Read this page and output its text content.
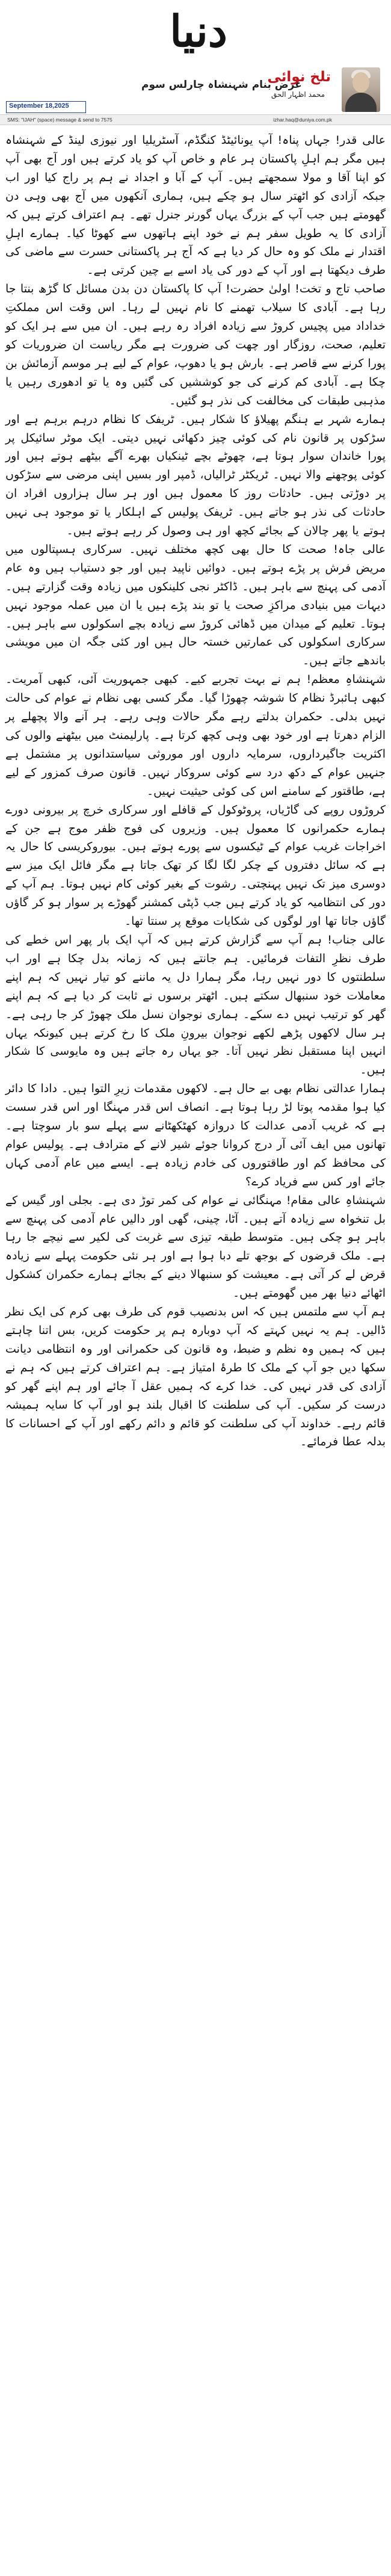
دنیا
تلخ نوائی
محمد اظہار الحق
عرض بنام شہنشاہ چارلس سوم
September 18,2025
SMS: "IJAH" (space) message & send to 7575	izhar.haq@duniya.com.pk

عالی قدر! جہاں پناہ! آپ یونائیٹڈ کنگڈم، آسٹریلیا اور نیوزی لینڈ کے شہنشاہ ہیں مگر ہم اہلِ پاکستان ہر عام و خاص آپ کو یاد کرتے ہیں اور آج بھی آپ کو اپنا آقا و مولا سمجھتے ہیں۔ آپ کے آبا و اجداد نے ہم پر راج کیا اور اب جبکہ آزادی کو اٹھتر سال ہو چکے ہیں، ہماری آنکھوں میں آج بھی وہی دن گھومتے ہیں جب آپ کے بزرگ یہاں گورنر جنرل تھے۔ ہم اعتراف کرتے ہیں کہ آزادی کا یہ طویل سفر ہم نے خود اپنے ہاتھوں سے کھوٹا کیا۔ ہمارے اہلِ اقتدار نے ملک کو وہ حال کر دیا ہے کہ آج ہر پاکستانی حسرت سے ماضی کی طرف دیکھتا ہے اور آپ کے دور کی یاد اسے بے چین کرتی ہے۔

صاحب تاج و تخت! اولیٰ حضرت! آپ کا پاکستان دن بدن مسائل کا گڑھ بنتا جا رہا ہے۔ آبادی کا سیلاب تھمنے کا نام نہیں لے رہا۔ اس وقت اس مملکتِ خداداد میں پچیس کروڑ سے زیادہ افراد رہ رہے ہیں۔ ان میں سے ہر ایک کو تعلیم، صحت، روزگار اور چھت کی ضرورت ہے مگر ریاست ان ضروریات کو پورا کرنے سے قاصر ہے۔ بارش ہو یا دھوپ، عوام کے لیے ہر موسم آزمائش بن چکا ہے۔ آبادی کم کرنے کی جو کوششیں کی گئیں وہ یا تو ادھوری رہیں یا مذہبی طبقات کی مخالفت کی نذر ہو گئیں۔

ہمارے شہر بے ہنگم پھیلاؤ کا شکار ہیں۔ ٹریفک کا نظام درہم برہم ہے اور سڑکوں پر قانون نام کی کوئی چیز دکھائی نہیں دیتی۔ ایک موٹر سائیکل پر پورا خاندان سوار ہوتا ہے، چھوٹے بچے ٹینکیاں بھرے آگے بیٹھے ہوتے ہیں اور کوئی پوچھنے والا نہیں۔ ٹریکٹر ٹرالیاں، ڈمپر اور بسیں اپنی مرضی سے سڑکوں پر دوڑتی ہیں۔ حادثات روز کا معمول ہیں اور ہر سال ہزاروں افراد ان حادثات کی نذر ہو جاتے ہیں۔ ٹریفک پولیس کے اہلکار یا تو موجود ہی نہیں ہوتے یا پھر چالان کے بجائے کچھ اور ہی وصول کر رہے ہوتے ہیں۔

عالی جاہ! صحت کا حال بھی کچھ مختلف نہیں۔ سرکاری ہسپتالوں میں مریض فرش پر پڑے ہوتے ہیں۔ دوائیں ناپید ہیں اور جو دستیاب ہیں وہ عام آدمی کی پہنچ سے باہر ہیں۔ ڈاکٹر نجی کلینکوں میں زیادہ وقت گزارتے ہیں۔ دیہات میں بنیادی مراکزِ صحت یا تو بند پڑے ہیں یا ان میں عملہ موجود نہیں ہوتا۔ تعلیم کے میدان میں ڈھائی کروڑ سے زیادہ بچے اسکولوں سے باہر ہیں۔ سرکاری اسکولوں کی عمارتیں خستہ حال ہیں اور کئی جگہ ان میں مویشی باندھے جاتے ہیں۔

شہنشاہِ معظم! ہم نے بہت تجربے کیے۔ کبھی جمہوریت آئی، کبھی آمریت۔ کبھی ہائبرڈ نظام کا شوشہ چھوڑا گیا۔ مگر کسی بھی نظام نے عوام کی حالت نہیں بدلی۔ حکمران بدلتے رہے مگر حالات وہی رہے۔ ہر آنے والا پچھلے پر الزام دھرتا ہے اور خود بھی وہی کچھ کرتا ہے۔ پارلیمنٹ میں بیٹھنے والوں کی اکثریت جاگیرداروں، سرمایہ داروں اور موروثی سیاستدانوں پر مشتمل ہے جنہیں عوام کے دکھ درد سے کوئی سروکار نہیں۔ قانون صرف کمزور کے لیے ہے، طاقتور کے سامنے اس کی کوئی حیثیت نہیں۔

کروڑوں روپے کی گاڑیاں، پروٹوکول کے قافلے اور سرکاری خرچ پر بیرونی دورے ہمارے حکمرانوں کا معمول ہیں۔ وزیروں کی فوج ظفر موج ہے جن کے اخراجات غریب عوام کے ٹیکسوں سے پورے ہوتے ہیں۔ بیوروکریسی کا حال یہ ہے کہ سائل دفتروں کے چکر لگا لگا کر تھک جاتا ہے مگر فائل ایک میز سے دوسری میز تک نہیں پہنچتی۔ رشوت کے بغیر کوئی کام نہیں ہوتا۔ ہم آپ کے دور کی انتظامیہ کو یاد کرتے ہیں جب ڈپٹی کمشنر گھوڑے پر سوار ہو کر گاؤں گاؤں جاتا تھا اور لوگوں کی شکایات موقع پر سنتا تھا۔

عالی جناب! ہم آپ سے گزارش کرتے ہیں کہ آپ ایک بار پھر اس خطے کی طرف نظرِ التفات فرمائیں۔ ہم جانتے ہیں کہ زمانہ بدل چکا ہے اور اب سلطنتوں کا دور نہیں رہا، مگر ہمارا دل یہ ماننے کو تیار نہیں کہ ہم اپنے معاملات خود سنبھال سکتے ہیں۔ اٹھتر برسوں نے ثابت کر دیا ہے کہ ہم اپنے گھر کو ترتیب نہیں دے سکے۔ ہماری نوجوان نسل ملک چھوڑ کر جا رہی ہے۔ ہر سال لاکھوں پڑھے لکھے نوجوان بیرونِ ملک کا رخ کرتے ہیں کیونکہ یہاں انہیں اپنا مستقبل نظر نہیں آتا۔ جو یہاں رہ جاتے ہیں وہ مایوسی کا شکار ہیں۔

ہمارا عدالتی نظام بھی بے حال ہے۔ لاکھوں مقدمات زیرِ التوا ہیں۔ دادا کا دائر کیا ہوا مقدمہ پوتا لڑ رہا ہوتا ہے۔ انصاف اس قدر مہنگا اور اس قدر سست ہے کہ غریب آدمی عدالت کا دروازہ کھٹکھٹانے سے پہلے سو بار سوچتا ہے۔ تھانوں میں ایف آئی آر درج کروانا جوئے شیر لانے کے مترادف ہے۔ پولیس عوام کی محافظ کم اور طاقتوروں کی خادم زیادہ ہے۔ ایسے میں عام آدمی کہاں جائے اور کس سے فریاد کرے؟

شہنشاہِ عالی مقام! مہنگائی نے عوام کی کمر توڑ دی ہے۔ بجلی اور گیس کے بل تنخواہ سے زیادہ آتے ہیں۔ آٹا، چینی، گھی اور دالیں عام آدمی کی پہنچ سے باہر ہو چکی ہیں۔ متوسط طبقہ تیزی سے غربت کی لکیر سے نیچے جا رہا ہے۔ ملک قرضوں کے بوجھ تلے دبا ہوا ہے اور ہر نئی حکومت پہلے سے زیادہ قرض لے کر آتی ہے۔ معیشت کو سنبھالا دینے کے بجائے ہمارے حکمران کشکول اٹھائے دنیا بھر میں گھومتے ہیں۔

ہم آپ سے ملتمس ہیں کہ اس بدنصیب قوم کی طرف بھی کرم کی ایک نظر ڈالیں۔ ہم یہ نہیں کہتے کہ آپ دوبارہ ہم پر حکومت کریں، بس اتنا چاہتے ہیں کہ ہمیں وہ نظم و ضبط، وہ قانون کی حکمرانی اور وہ انتظامی دیانت سکھا دیں جو آپ کے ملک کا طرۂ امتیاز ہے۔ ہم اعتراف کرتے ہیں کہ ہم نے آزادی کی قدر نہیں کی۔ خدا کرے کہ ہمیں عقل آ جائے اور ہم اپنے گھر کو درست کر سکیں۔ آپ کی سلطنت کا اقبال بلند ہو اور آپ کا سایہ ہمیشہ قائم رہے۔ خداوند آپ کی سلطنت کو قائم و دائم رکھے اور آپ کے احسانات کا بدلہ عطا فرمائے۔
